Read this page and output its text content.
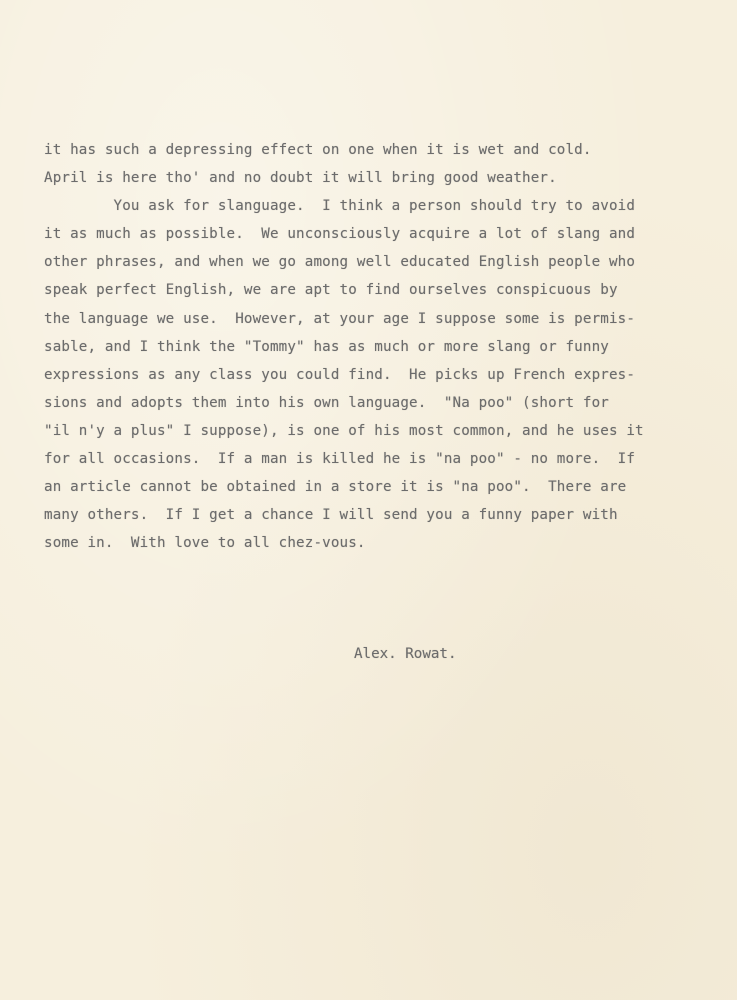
it has such a depressing effect on one when it is wet and cold.
April is here tho' and no doubt it will bring good weather.
You ask for slanguage.  I think a person should try to avoid
it as much as possible.  We unconsciously acquire a lot of slang and
other phrases, and when we go among well educated English people who
speak perfect English, we are apt to find ourselves conspicuous by
the language we use.  However, at your age I suppose some is permis-
sable, and I think the "Tommy" has as much or more slang or funny
expressions as any class you could find.  He picks up French expres-
sions and adopts them into his own language.  "Na poo" (short for
"il n'y a plus" I suppose), is one of his most common, and he uses it
for all occasions.  If a man is killed he is "na poo" - no more.  If
an article cannot be obtained in a store it is "na poo".  There are
many others.  If I get a chance I will send you a funny paper with
some in.  With love to all chez-vous.
Alex. Rowat.
